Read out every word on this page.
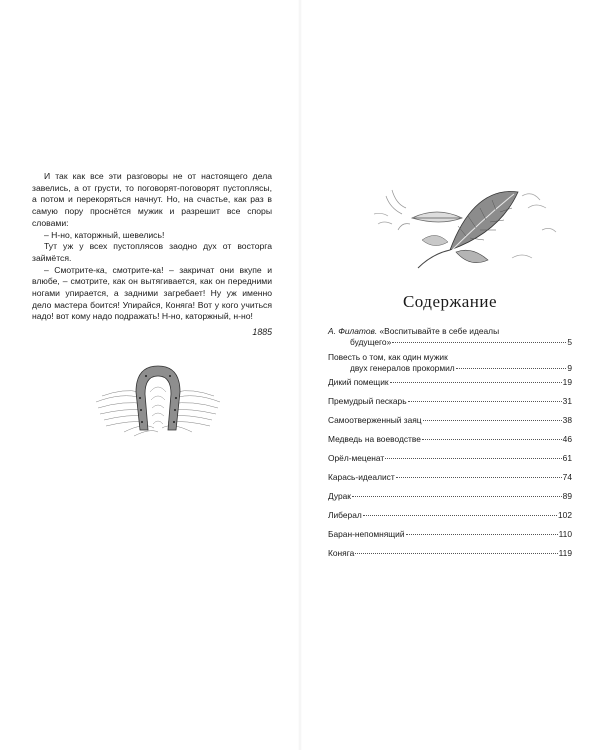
И так как все эти разговоры не от настоящего дела завелись, а от грусти, то поговорят-поговорят пустоплясы, а потом и перекоряться начнут. Но, на счастье, как раз в самую пору проснётся мужик и разрешит все споры словами:

– Н-но, каторжный, шевелись!

Тут уж у всех пустоплясов заодно дух от восторга займётся.

– Смотрите-ка, смотрите-ка! – закричат они вкупе и влюбе, – смотрите, как он вытягивается, как он передними ногами упирается, а задними загребает! Ну уж именно дело мастера боится! Упирайся, Коняга! Вот у кого учиться надо! вот кому надо подражать! Н-но, каторжный, н-но!

1885
Содержание
А. Филатов. «Воспитывайте в себе идеалы
будущего»	5
Повесть о том, как один мужик
двух генералов прокормил	9
Дикий помещик	19
Премудрый пескарь	31
Самоотверженный заяц	38
Медведь на воеводстве	46
Орёл-меценат	61
Карась-идеалист	74
Дурак	89
Либерал	102
Баран-непомнящий	110
Коняга	119
